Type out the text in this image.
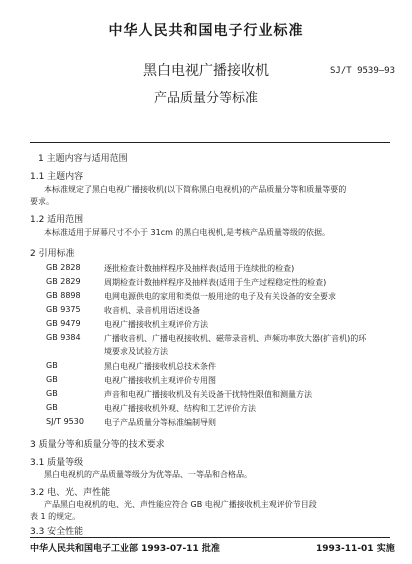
中华人民共和国电子行业标准
黑白电视广播接收机	SJ/T 9539—93
产品质量分等标准
1 主题内容与适用范围
1.1 主题内容
本标准规定了黑白电视广播接收机(以下简称黑白电视机)的产品质量分等和质量等要的
要求。
1.2 适用范围
本标准适用于屏幕尺寸不小于 31cm 的黑白电视机,是考核产品质量等级的依据。
2 引用标准
GB 2828	逐批检查计数抽样程序及抽样表(适用于连续批的检查)
GB 2829	周期检查计数抽样程序及抽样表(适用于生产过程稳定性的检查)
GB 8898	电网电源供电的家用和类似一般用途的电子及有关设备的安全要求
GB 9375	收音机、录音机用语述设备
GB 9479	电视广播接收机主观评价方法
GB 9384	广播收音机、广播电视接收机、磁带录音机、声频功率放大器(扩音机)的环
境要求及试验方法
GB	黑白电视广播接收机总技术条件
GB	电视广播接收机主观评价专用图
GB	声音和电视广播接收机及有关设备干扰特性限值和测量方法
GB	电视广播接收机外观、结构和工艺评价方法
SJ/T 9530	电子产品质量分等标准编制导则
3 质量分等和质量分等的技术要求
3.1 质量等级
黑白电视机的产品质量等级分为优等品、一等品和合格品。
3.2 电、光、声性能
产品黑白电视机的电、光、声性能应符合 GB 电视广播接收机主观评价节目段
表 1 的规定。
3.3 安全性能
中华人民共和国电子工业部 1993-07-11 批准	1993-11-01 实施
